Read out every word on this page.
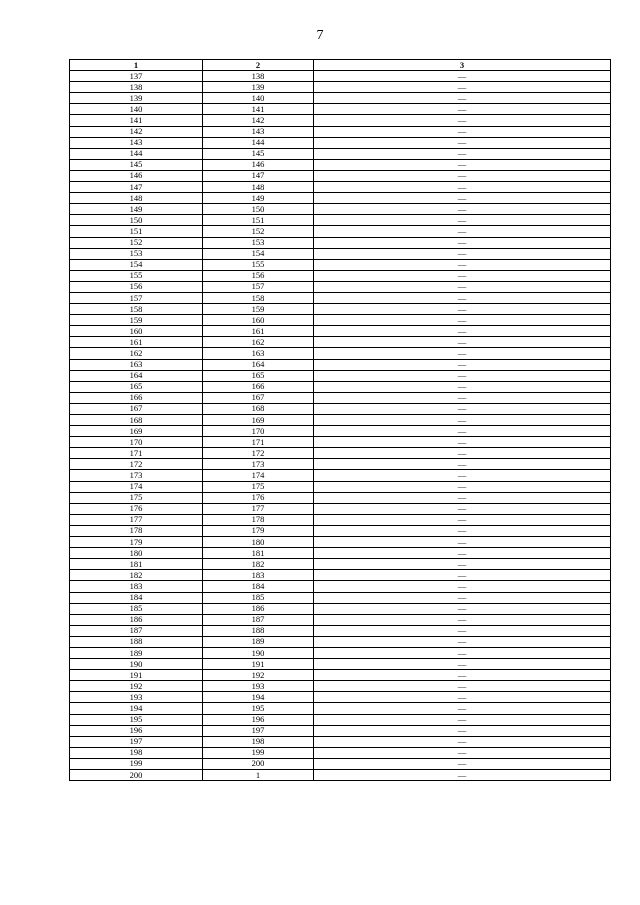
7
1	2	3
137	138	—
138	139	—
139	140	—
140	141	—
141	142	—
142	143	—
143	144	—
144	145	—
145	146	—
146	147	—
147	148	—
148	149	—
149	150	—
150	151	—
151	152	—
152	153	—
153	154	—
154	155	—
155	156	—
156	157	—
157	158	—
158	159	—
159	160	—
160	161	—
161	162	—
162	163	—
163	164	—
164	165	—
165	166	—
166	167	—
167	168	—
168	169	—
169	170	—
170	171	—
171	172	—
172	173	—
173	174	—
174	175	—
175	176	—
176	177	—
177	178	—
178	179	—
179	180	—
180	181	—
181	182	—
182	183	—
183	184	—
184	185	—
185	186	—
186	187	—
187	188	—
188	189	—
189	190	—
190	191	—
191	192	—
192	193	—
193	194	—
194	195	—
195	196	—
196	197	—
197	198	—
198	199	—
199	200	—
200	1	—
